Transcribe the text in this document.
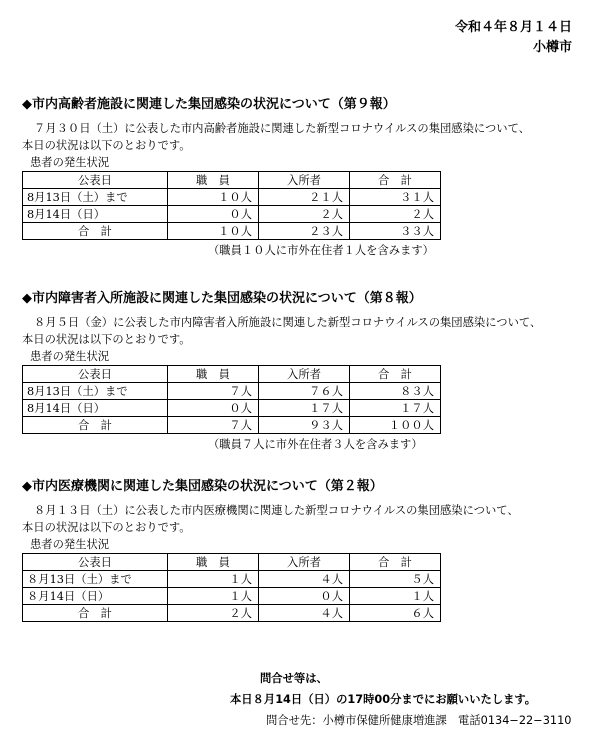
令和４年８月１４日
小樽市

◆市内高齢者施設に関連した集団感染の状況について（第９報）

７月３０日（土）に公表した市内高齢者施設に関連した新型コロナウイルスの集団感染について、
本日の状況は以下のとおりです。

患者の発生状況

公表日	職　員	入所者	合　計
8月13日（土）まで	１０人	２１人	３１人
8月14日（日）	０人	２人	２人
合　計	１０人	２３人	３３人

（職員１０人に市外在住者１人を含みます）

◆市内障害者入所施設に関連した集団感染の状況について（第８報）

８月５日（金）に公表した市内障害者入所施設に関連した新型コロナウイルスの集団感染について、
本日の状況は以下のとおりです。

患者の発生状況

公表日	職　員	入所者	合　計
8月13日（土）まで	７人	７６人	８３人
8月14日（日）	０人	１７人	１７人
合　計	７人	９３人	１００人

（職員７人に市外在住者３人を含みます）

◆市内医療機関に関連した集団感染の状況について（第２報）

８月１３日（土）に公表した市内医療機関に関連した新型コロナウイルスの集団感染について、
本日の状況は以下のとおりです。

患者の発生状況

公表日	職　員	入所者	合　計
８月13日（土）まで	１人	４人	５人
８月14日（日）	１人	０人	１人
合　計	２人	４人	６人
問合せ等は、
本日８月14日（日）の17時00分までにお願いいたします。
問合せ先：小樽市保健所健康増進課　電話0134−22−3110
